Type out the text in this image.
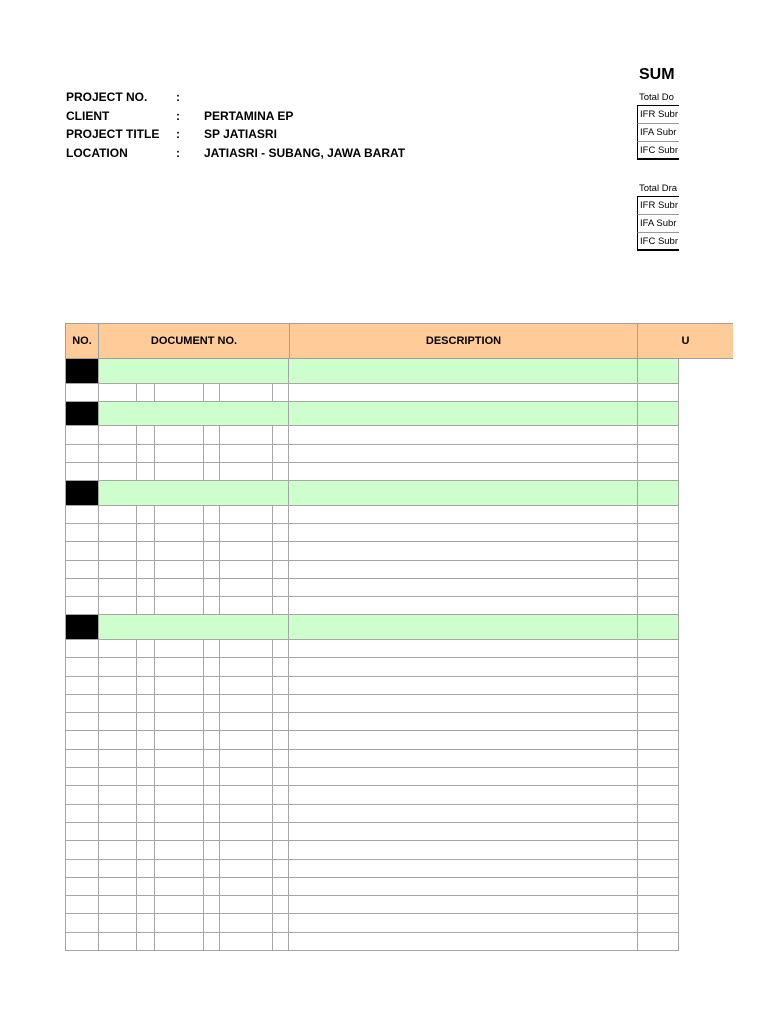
PROJECT NO. :
CLIENT	: PERTAMINA EP
PROJECT TITLE : SP JATIASRI
LOCATION	: JATIASRI - SUBANG, JAWA BARAT
SUM
Total Do
IFR Subr
IFA Subr
IFC Subr
Total Dra
IFR Subr
IFA Subr
IFC Subr
NO.	DOCUMENT NO.	DESCRIPTION	U
